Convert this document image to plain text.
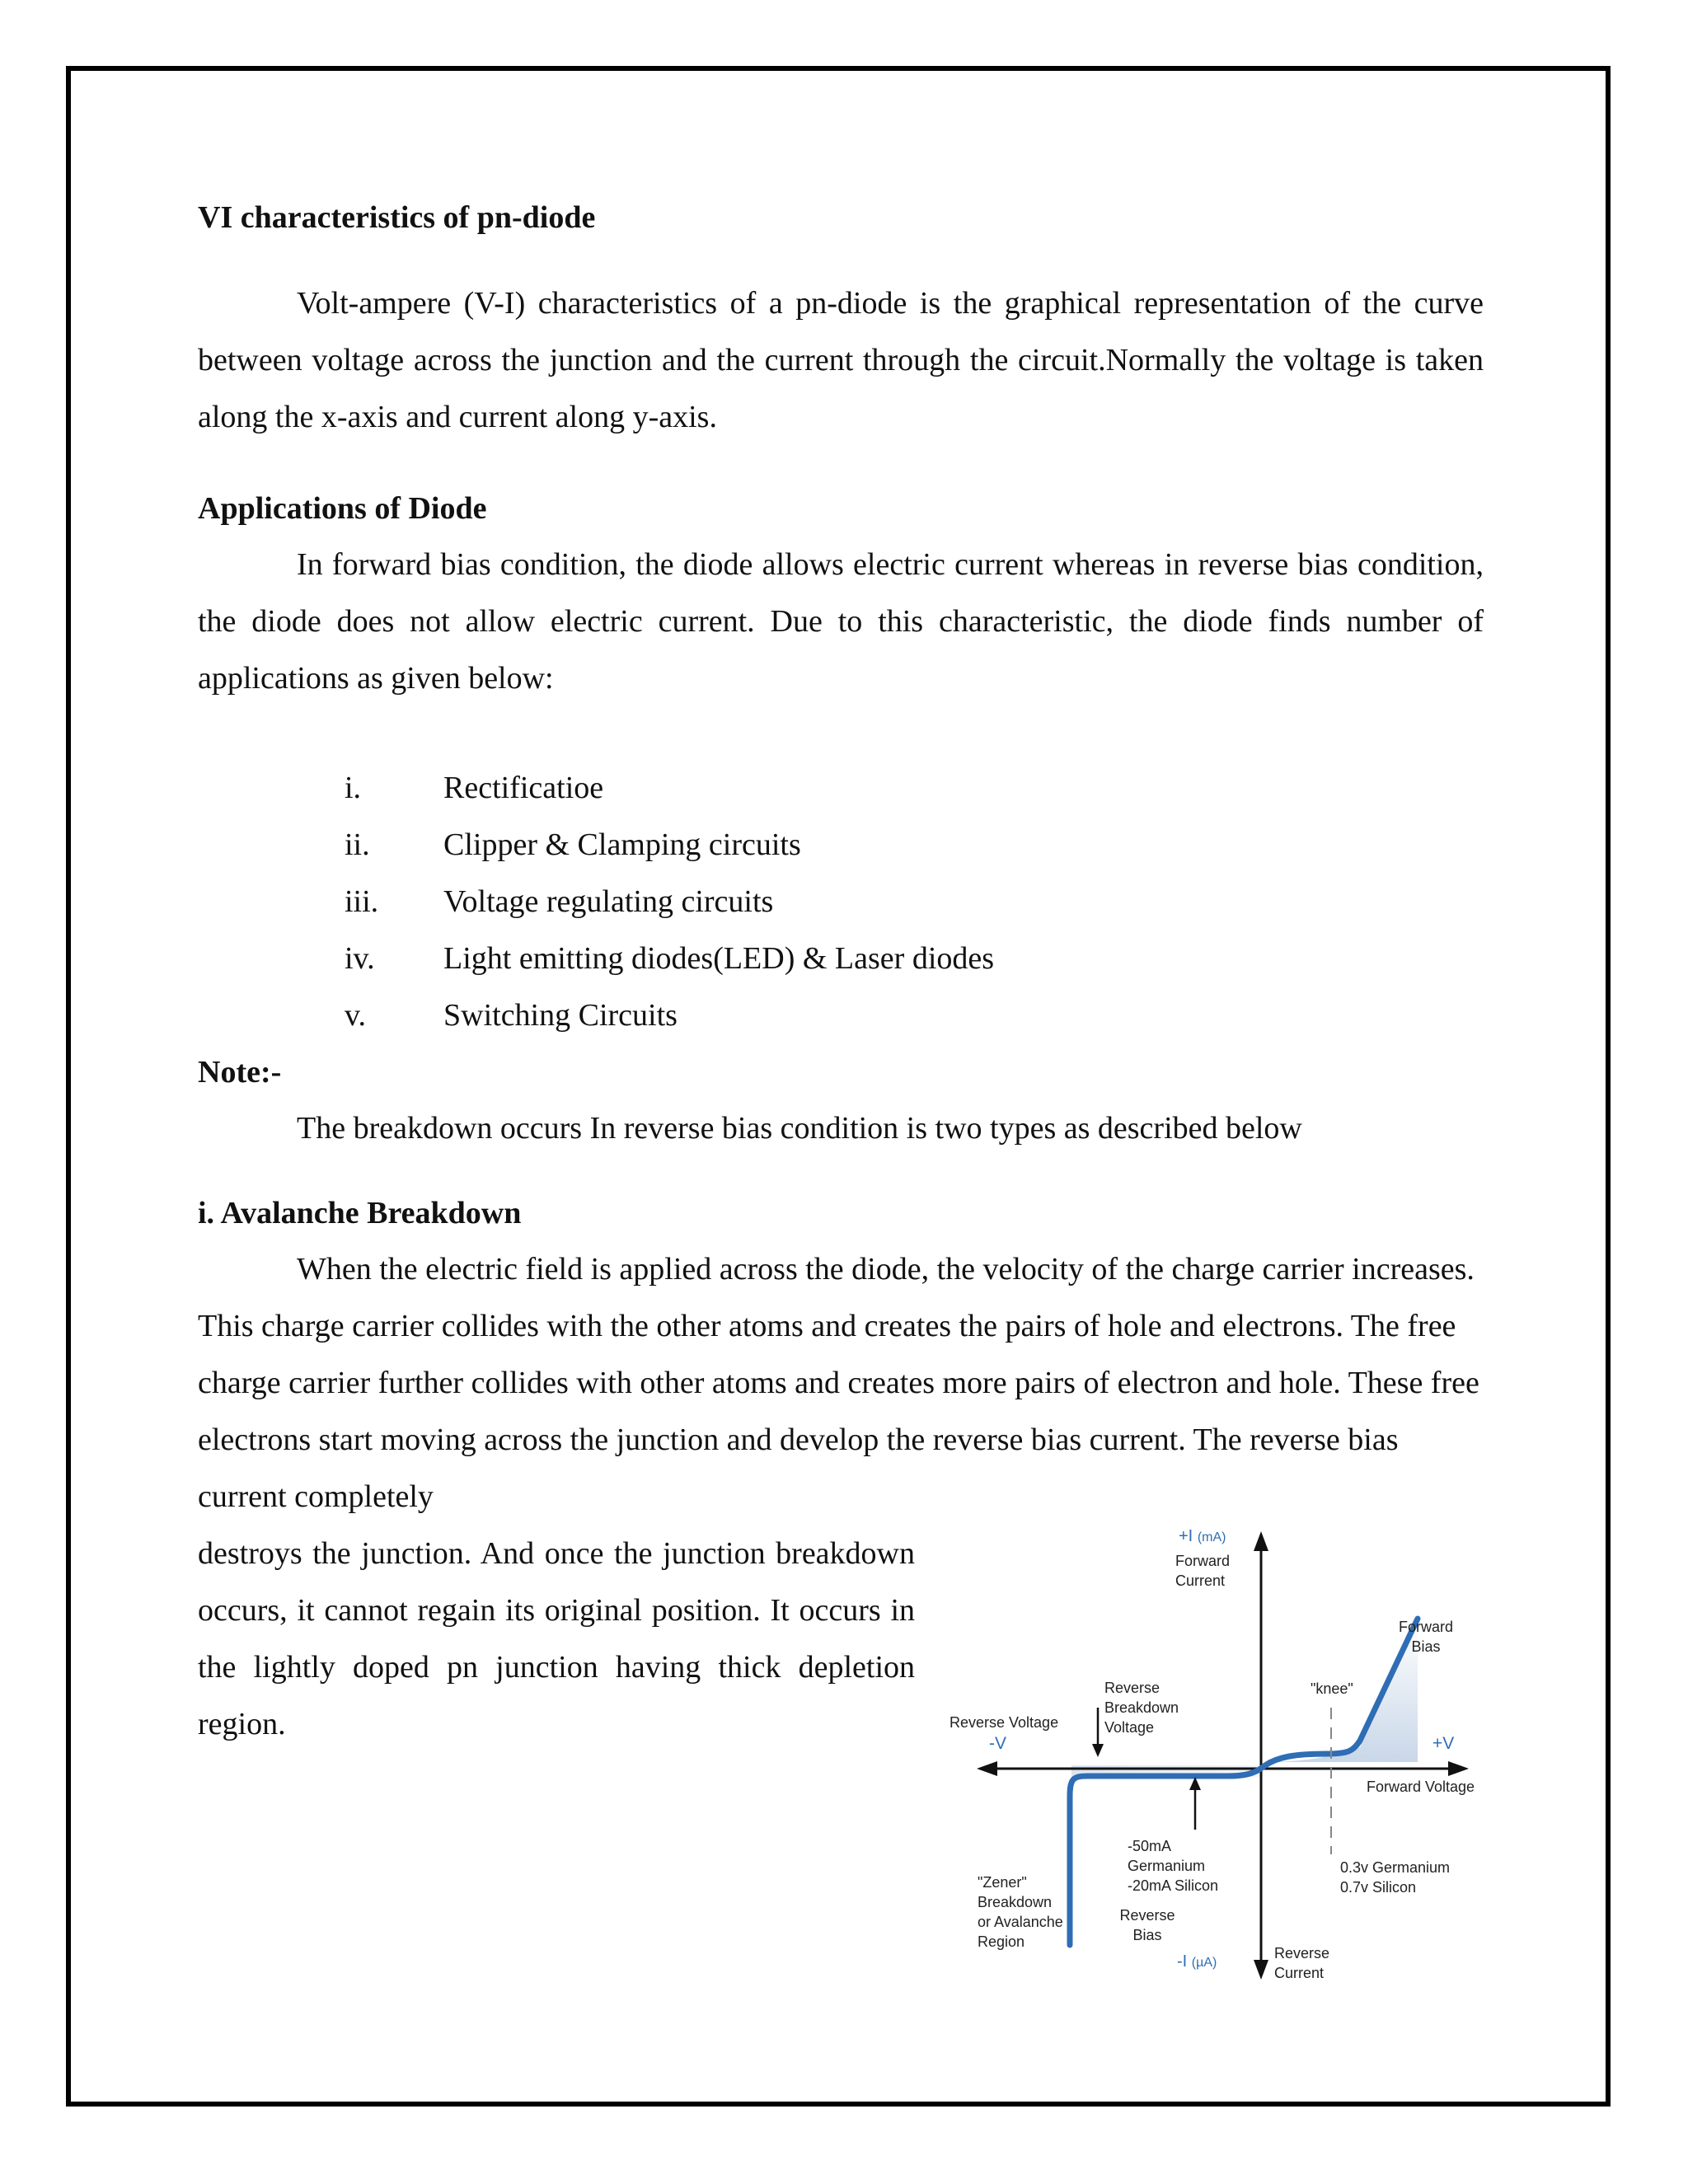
VI characteristics of pn-diode

Volt-ampere (V-I) characteristics of a pn-diode is the graphical representation of the curve between voltage across the junction and the current through the circuit.Normally the voltage is taken along the x-axis and current along y-axis.

Applications of Diode

In forward bias condition, the diode allows electric current whereas in reverse bias condition, the diode does not allow electric current. Due to this characteristic, the diode finds number of applications as given below:

i.	Rectificatioe
ii.	Clipper & Clamping circuits
iii.	Voltage regulating circuits
iv.	Light emitting diodes(LED) & Laser diodes
v.	Switching Circuits

Note:-

The breakdown occurs In reverse bias condition is two types as described below

i. Avalanche Breakdown

When the electric field is applied across the diode, the velocity of the charge carrier increases. This charge carrier collides with the other atoms and creates the pairs of hole and electrons. The free charge carrier further collides with other atoms and creates more pairs of electron and hole. These free electrons start moving across the junction and develop the reverse bias current. The reverse bias current completely

destroys the junction. And once the junction breakdown occurs, it cannot regain its original position. It occurs in the lightly doped pn junction having thick depletion region.

+I (mA)
Forward Current
Forward Bias
"knee"
Reverse Breakdown Voltage
Reverse Voltage
-V	+V
Forward Voltage
-50mA Germanium -20mA Silicon
0.3v Germanium 0.7v Silicon
"Zener" Breakdown or Avalanche Region
Reverse Bias
-I (µA)
Reverse Current
